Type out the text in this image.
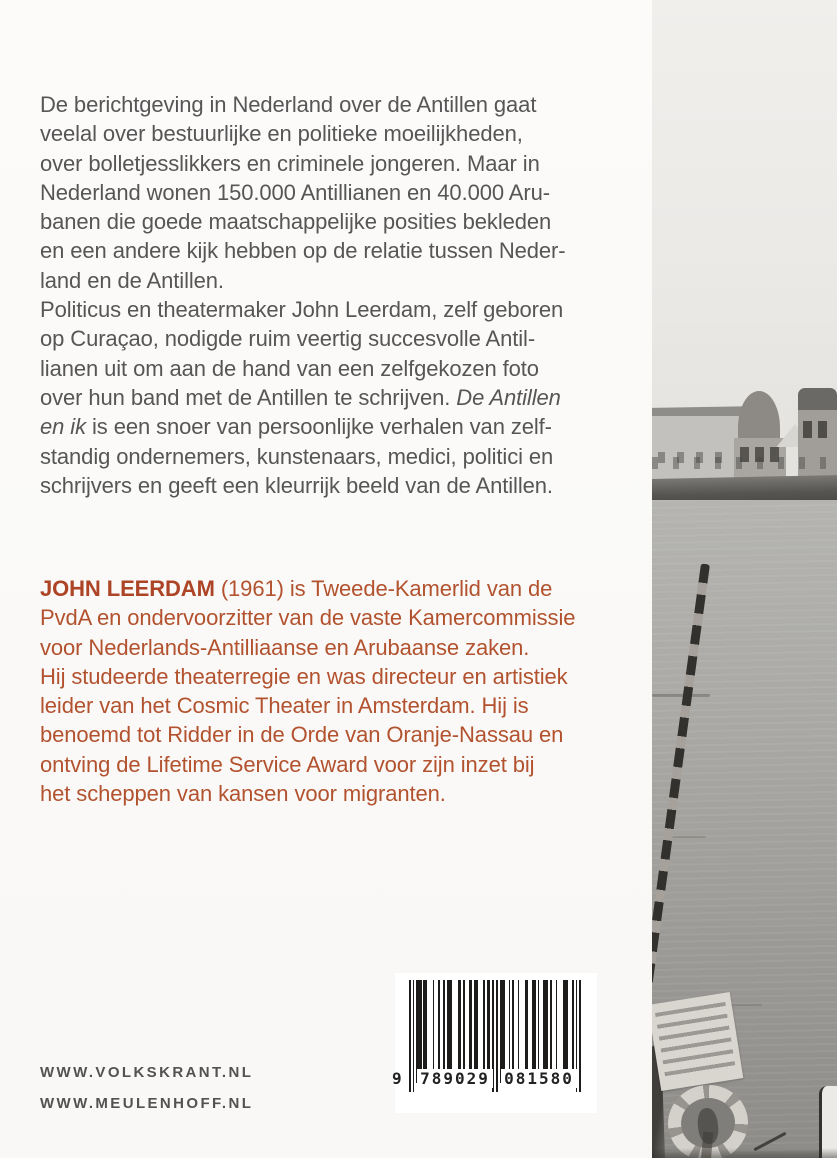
De berichtgeving in Nederland over de Antillen gaat
veelal over bestuurlijke en politieke moeilijkheden,
over bolletjesslikkers en criminele jongeren. Maar in
Nederland wonen 150.000 Antillianen en 40.000 Aru-
banen die goede maatschappelijke posities bekleden
en een andere kijk hebben op de relatie tussen Neder-
land en de Antillen.
Politicus en theatermaker John Leerdam, zelf geboren
op Curaçao, nodigde ruim veertig succesvolle Antil-
lianen uit om aan de hand van een zelfgekozen foto
over hun band met de Antillen te schrijven. De Antillen
en ik is een snoer van persoonlijke verhalen van zelf-
standig ondernemers, kunstenaars, medici, politici en
schrijvers en geeft een kleurrijk beeld van de Antillen.
JOHN LEERDAM (1961) is Tweede-Kamerlid van de
PvdA en ondervoorzitter van de vaste Kamercommissie
voor Nederlands-Antilliaanse en Arubaanse zaken.
Hij studeerde theaterregie en was directeur en artistiek
leider van het Cosmic Theater in Amsterdam. Hij is
benoemd tot Ridder in de Orde van Oranje-Nassau en
ontving de Lifetime Service Award voor zijn inzet bij
het scheppen van kansen voor migranten.
WWW.VOLKSKRANT.NL
WWW.MEULENHOFF.NL
9 789029 081580
